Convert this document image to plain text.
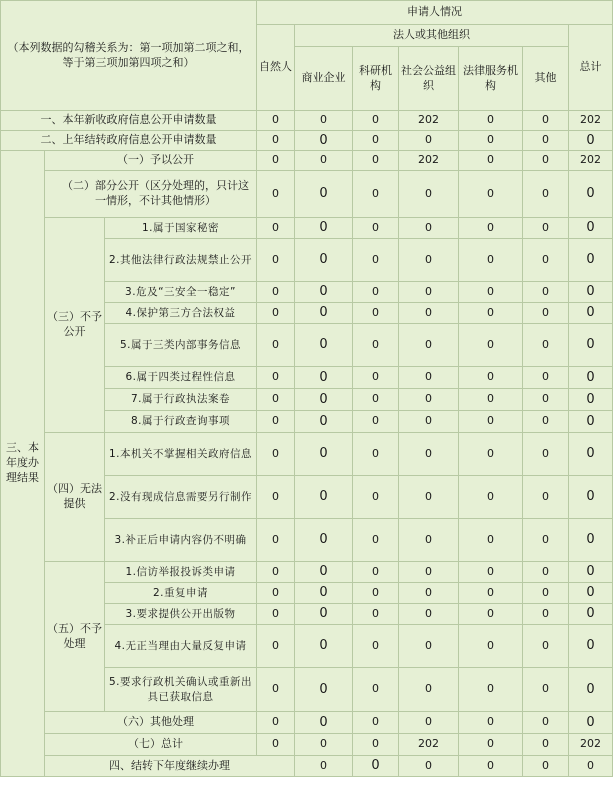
（本列数据的勾稽关系为：第一项加第二项之和，等于第三项加第四项之和）			申请人情况							
			自然人	法人或其他组织					总计	
				商业企业	科研机构	社会公益组织	法律服务机构	其他		
一、本年新收政府信息公开申请数量			0	0	0	202	0	0	202	
二、上年结转政府信息公开申请数量			0	0	0	0	0	0	0	
三、本年度办理结果	（一）予以公开		0	0	0	202	0	0	202	
	（二）部分公开（区分处理的，只计这一情形，不计其他情形）		0	0	0	0	0	0	0	
	（三）不予公开	1.属于国家秘密	0	0	0	0	0	0	0	
		2.其他法律行政法规禁止公开	0	0	0	0	0	0	0	
		3.危及“三安全一稳定”	0	0	0	0	0	0	0	
		4.保护第三方合法权益	0	0	0	0	0	0	0	
		5.属于三类内部事务信息	0	0	0	0	0	0	0	
		6.属于四类过程性信息	0	0	0	0	0	0	0	
		7.属于行政执法案卷	0	0	0	0	0	0	0	
		8.属于行政查询事项	0	0	0	0	0	0	0	
	（四）无法提供	1.本机关不掌握相关政府信息	0	0	0	0	0	0	0	
		2.没有现成信息需要另行制作	0	0	0	0	0	0	0	
		3.补正后申请内容仍不明确	0	0	0	0	0	0	0	
	（五）不予处理	1.信访举报投诉类申请	0	0	0	0	0	0	0	
		2.重复申请	0	0	0	0	0	0	0	
		3.要求提供公开出版物	0	0	0	0	0	0	0	
		4.无正当理由大量反复申请	0	0	0	0	0	0	0	
		5.要求行政机关确认或重新出具已获取信息	0	0	0	0	0	0	0	
	（六）其他处理		0	0	0	0	0	0	0	
	（七）总计		0	0	0	202	0	0	202	
	四、结转下年度继续办理			0	0	0	0	0	0	
